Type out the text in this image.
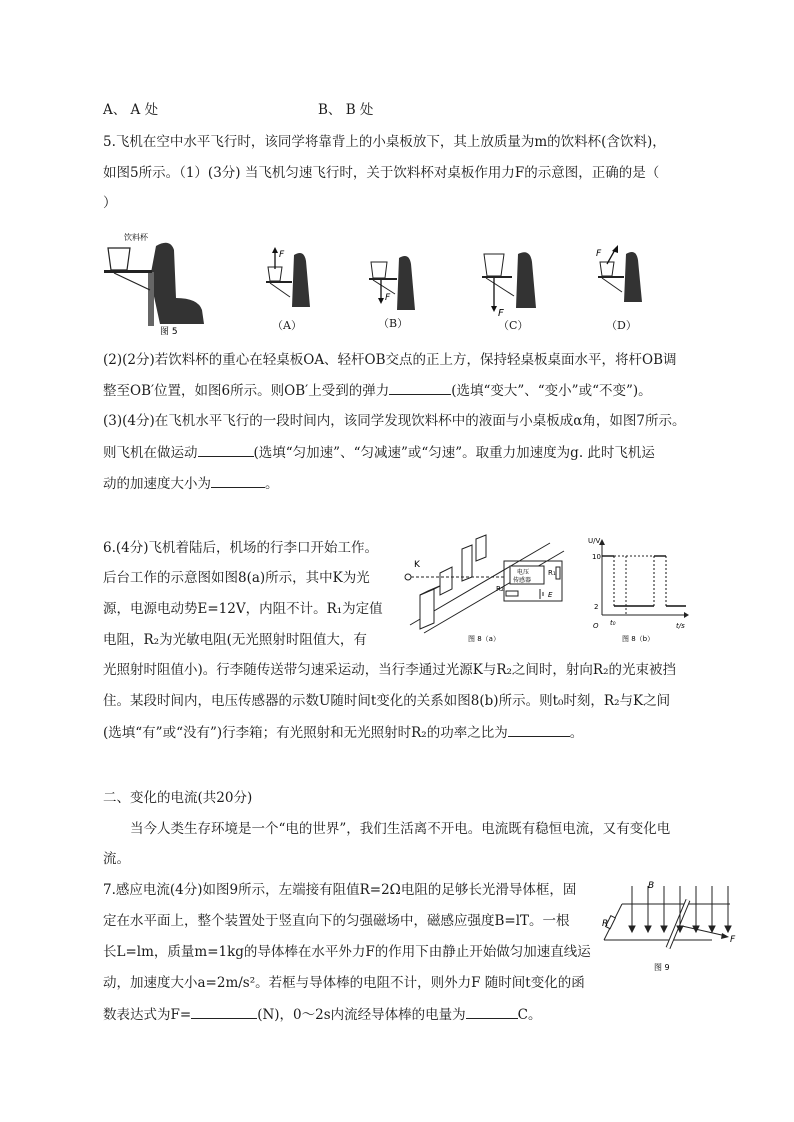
A、 A 处	B、 B 处
5.飞机在空中水平飞行时，该同学将靠背上的小桌板放下，其上放质量为m的饮料杯(含饮料)，
如图5所示。（1）(3分) 当飞机匀速飞行时，关于饮料杯对桌板作用力F的示意图，正确的是（
）
饮料杯
图 5
F
（A）
F
（B）
F
（C）
F
（D）
(2)(2分)若饮料杯的重心在轻桌板OA、轻杆OB交点的正上方，保持轻桌板桌面水平，将杆OB调
整至OB′位置，如图6所示。则OB′上受到的弹力	(选填“变大”、“变小”或“不变”)。
(3)(4分)在飞机水平飞行的一段时间内，该同学发现饮料杯中的液面与小桌板成α角，如图7所示。
则飞机在做运动	(选填“匀加速”、“匀减速”或“匀速”。取重力加速度为g. 此时飞机运
动的加速度大小为	。
6.(4分)飞机着陆后，机场的行李口开始工作。
后台工作的示意图如图8(a)所示，其中K为光
源，电源电动势E=12V，内阻不计。R₁为定值
电阻，R₂为光敏电阻(无光照射时阻值大，有
光照射时阻值小)。行李随传送带匀速采运动，当行李通过光源K与R₂之间时，射向R₂的光束被挡
住。某段时间内，电压传感器的示数U随时间t变化的关系如图8(b)所示。则t₀时刻，R₂与K之间
(选填“有”或“没有”)行李箱；有光照射和无光照射时R₂的功率之比为	。
K
电压
传感器
R₁
R₂
E
图 8（a）
U/V
t/s
O
10
2
t₀
图 8（b）
二、变化的电流(共20分)
当今人类生存环境是一个“电的世界”，我们生活离不开电。电流既有稳恒电流，又有变化电
流。
7.感应电流(4分)如图9所示，左端接有阻值R=2Ω电阻的足够长光滑导体框，固
定在水平面上，整个装置处于竖直向下的匀强磁场中，磁感应强度B=lT。一根
长L=lm，质量m=1kg的导体棒在水平外力F的作用下由静止开始做匀加速直线运
动，加速度大小a=2m/s²。若框与导体棒的电阻不计，则外力F 随时间t变化的函
数表达式为F=	(N)，0～2s内流经导体棒的电量为	C。
R
B
F
图 9
